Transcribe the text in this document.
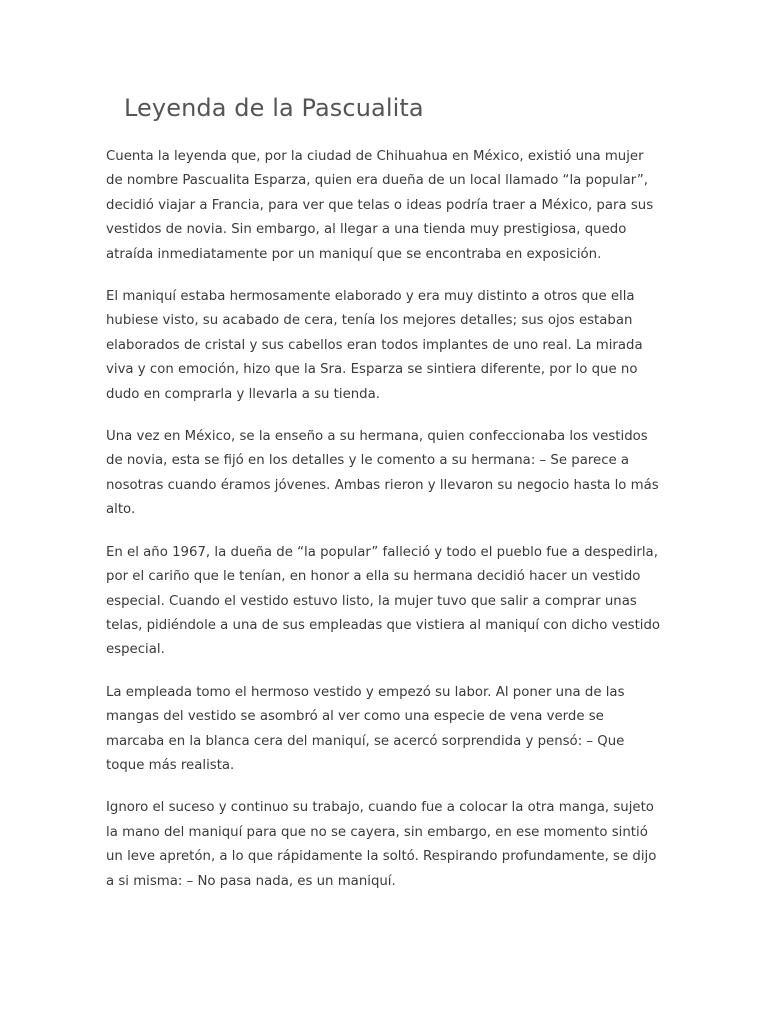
Leyenda de la Pascualita

Cuenta la leyenda que, por la ciudad de Chihuahua en México, existió una mujer
de nombre Pascualita Esparza, quien era dueña de un local llamado “la popular”,
decidió viajar a Francia, para ver que telas o ideas podría traer a México, para sus
vestidos de novia. Sin embargo, al llegar a una tienda muy prestigiosa, quedo
atraída inmediatamente por un maniquí que se encontraba en exposición.

El maniquí estaba hermosamente elaborado y era muy distinto a otros que ella
hubiese visto, su acabado de cera, tenía los mejores detalles; sus ojos estaban
elaborados de cristal y sus cabellos eran todos implantes de uno real. La mirada
viva y con emoción, hizo que la Sra. Esparza se sintiera diferente, por lo que no
dudo en comprarla y llevarla a su tienda.

Una vez en México, se la enseño a su hermana, quien confeccionaba los vestidos
de novia, esta se fijó en los detalles y le comento a su hermana: – Se parece a
nosotras cuando éramos jóvenes. Ambas rieron y llevaron su negocio hasta lo más
alto.

En el año 1967, la dueña de “la popular” falleció y todo el pueblo fue a despedirla,
por el cariño que le tenían, en honor a ella su hermana decidió hacer un vestido
especial. Cuando el vestido estuvo listo, la mujer tuvo que salir a comprar unas
telas, pidiéndole a una de sus empleadas que vistiera al maniquí con dicho vestido
especial.

La empleada tomo el hermoso vestido y empezó su labor. Al poner una de las
mangas del vestido se asombró al ver como una especie de vena verde se
marcaba en la blanca cera del maniquí, se acercó sorprendida y pensó: – Que
toque más realista.

Ignoro el suceso y continuo su trabajo, cuando fue a colocar la otra manga, sujeto
la mano del maniquí para que no se cayera, sin embargo, en ese momento sintió
un leve apretón, a lo que rápidamente la soltó. Respirando profundamente, se dijo
a si misma: – No pasa nada, es un maniquí.
